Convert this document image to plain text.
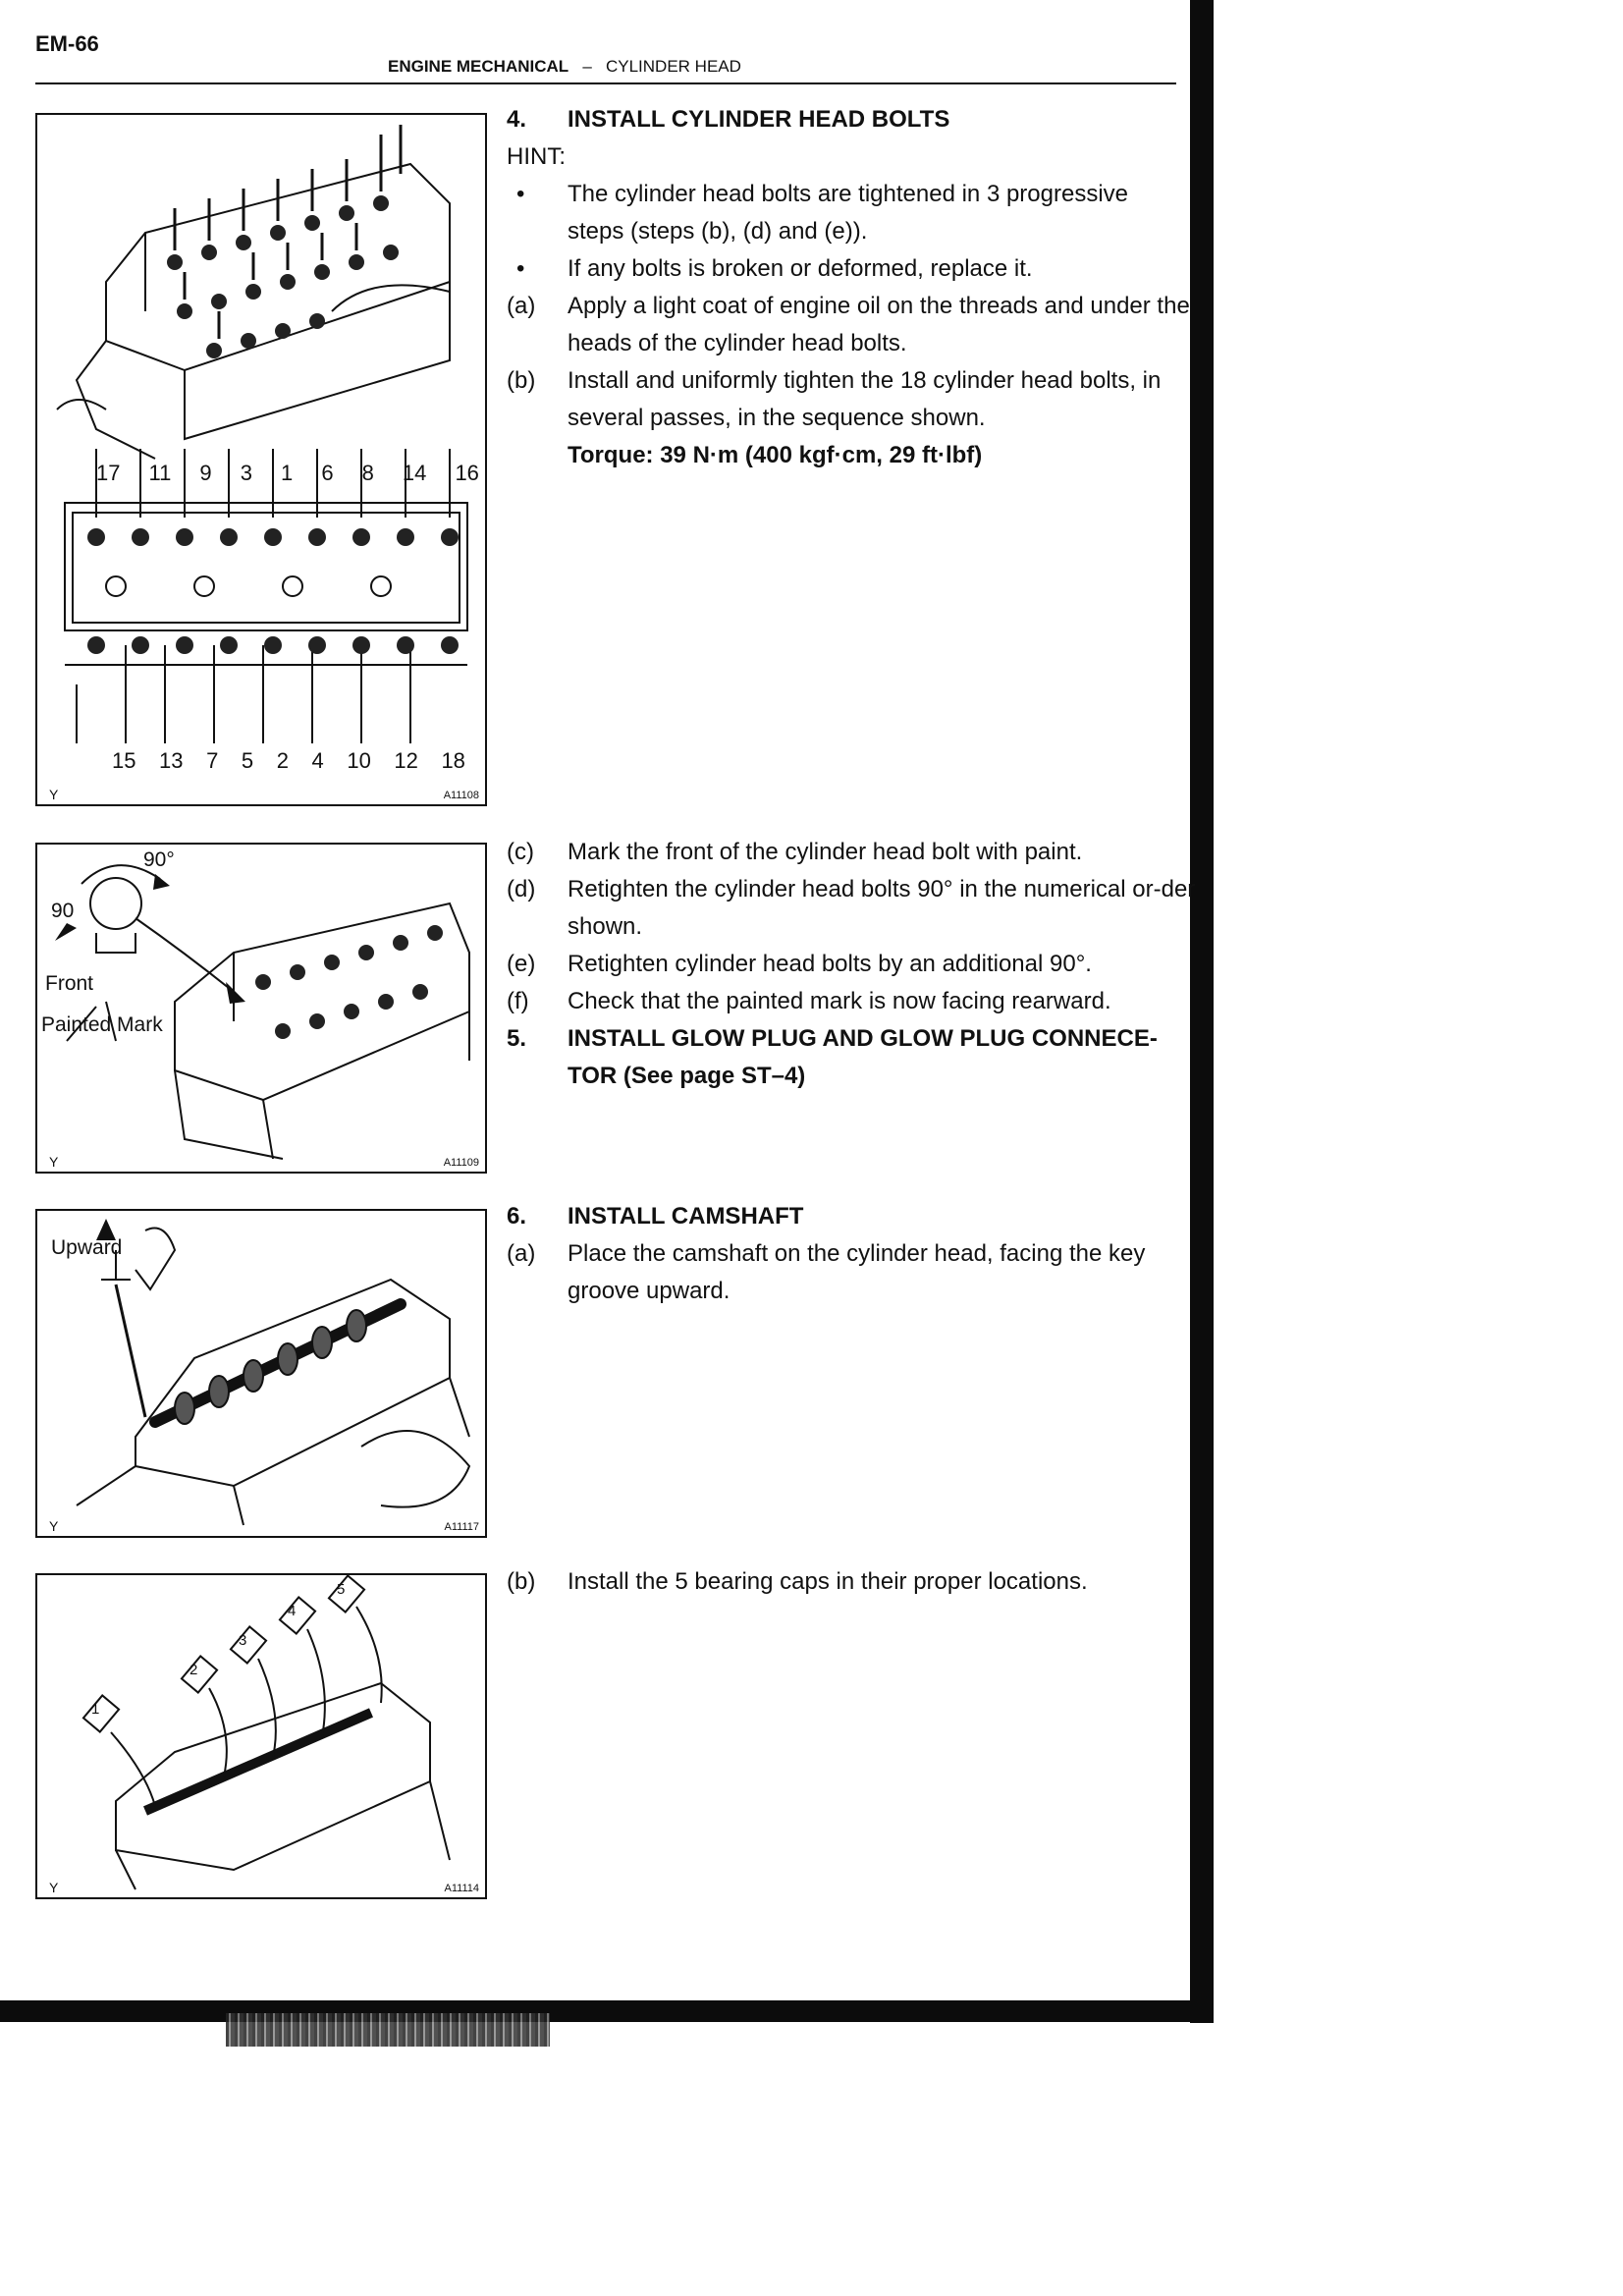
EM-66
ENGINE MECHANICAL – CYLINDER HEAD
17 11 9 3 1 6 8 14 16
15 13 7 5 2 4 10 12 18
Y	A11108
90°
90
Front
Painted Mark
Y	A11109
Upward
Y	A11117
1
2
3
4
5
Y	A11114
4. INSTALL CYLINDER HEAD BOLTS
HINT:
• The cylinder head bolts are tightened in 3 progressive
steps (steps (b), (d) and (e)).
• If any bolts is broken or deformed, replace it.
(a) Apply a light coat of engine oil on the threads and under the heads of the cylinder head bolts.
(b) Install and uniformly tighten the 18 cylinder head bolts, in several passes, in the sequence shown.
Torque: 39 N·m (400 kgf·cm, 29 ft·lbf)
(c) Mark the front of the cylinder head bolt with paint.
(d) Retighten the cylinder head bolts 90° in the numerical or-der shown.
(e) Retighten cylinder head bolts by an additional 90°.
(f) Check that the painted mark is now facing rearward.
5. INSTALL GLOW PLUG AND GLOW PLUG CONNECE-
TOR (See page ST–4)
6. INSTALL CAMSHAFT
(a) Place the camshaft on the cylinder head, facing the key groove upward.
(b) Install the 5 bearing caps in their proper locations.
